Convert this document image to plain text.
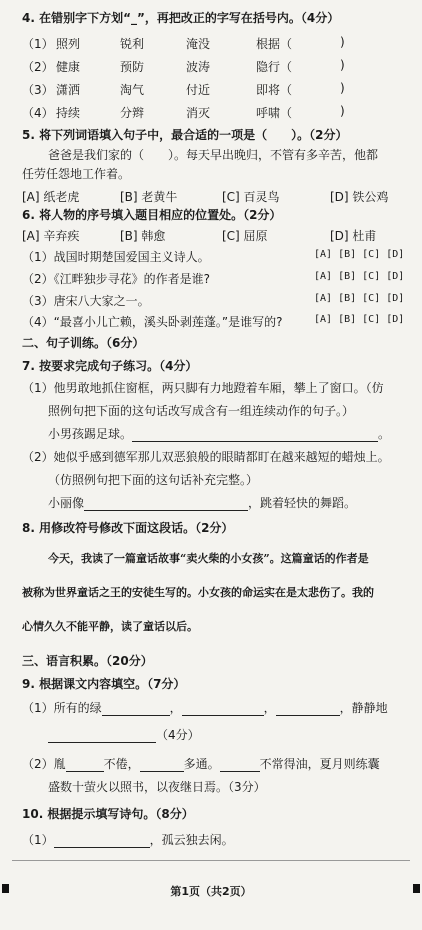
4. 在错别字下方划“_”，再把改正的字写在括号内。（4分）
（1） 照列	锐利	淹没	根据（	)
（2） 健康	预防	波涛	隐行（	)
（3） 潇洒	淘气	付近	即将（	)
（4） 持续	分辫	消灭	呼啸（	)
5. 将下列词语填入句子中，最合适的一项是（　　）。（2分）
爸爸是我们家的（　　）。每天早出晚归，不管有多辛苦，他都
任劳任怨地工作着。
[A] 纸老虎	[B] 老黄牛	[C] 百灵鸟	[D] 铁公鸡
6. 将人物的序号填入题目相应的位置处。（2分）
[A] 辛弃疾	[B] 韩愈	[C] 屈原	[D] 杜甫
（1）战国时期楚国爱国主义诗人。	[A] [B] [C] [D]
（2）《江畔独步寻花》的作者是谁?	[A] [B] [C] [D]
（3）唐宋八大家之一。	[A] [B] [C] [D]
（4）“最喜小儿亡赖，溪头卧剥莲蓬。”是谁写的?	[A] [B] [C] [D]
二、句子训练。（6分）
7. 按要求完成句子练习。（4分）
（1）他男敢地抓住窗框，两只脚有力地蹬着车厢，攀上了窗口。（仿
照例句把下面的这句话改写成含有一组连续动作的句子。）
小男孩踢足球。	。
（2）她似乎感到德军那儿双恶狼般的眼睛都盯在越来越短的蜡烛上。
（仿照例句把下面的这句话补充完整。）
小丽像	，跳着轻快的舞蹈。
8. 用修改符号修改下面这段话。（2分）
今天，我读了一篇童话故事“卖火柴的小女孩”。这篇童话的作者是
被称为世界童话之王的安徒生写的。小女孩的命运实在是太悲伤了。我的
心情久久不能平静，读了童话以后。
三、语言积累。（20分）
9. 根据课文内容填空。（7分）
（1）所有的绿	，	，	，静静地
（4分）
（2）胤	不倦，	多通。	不常得油，夏月则练囊
盛数十萤火以照书，以夜继日焉。（3分）
10. 根据提示填写诗句。（8分）
（1）	，孤云独去闲。
第1页（共2页）
